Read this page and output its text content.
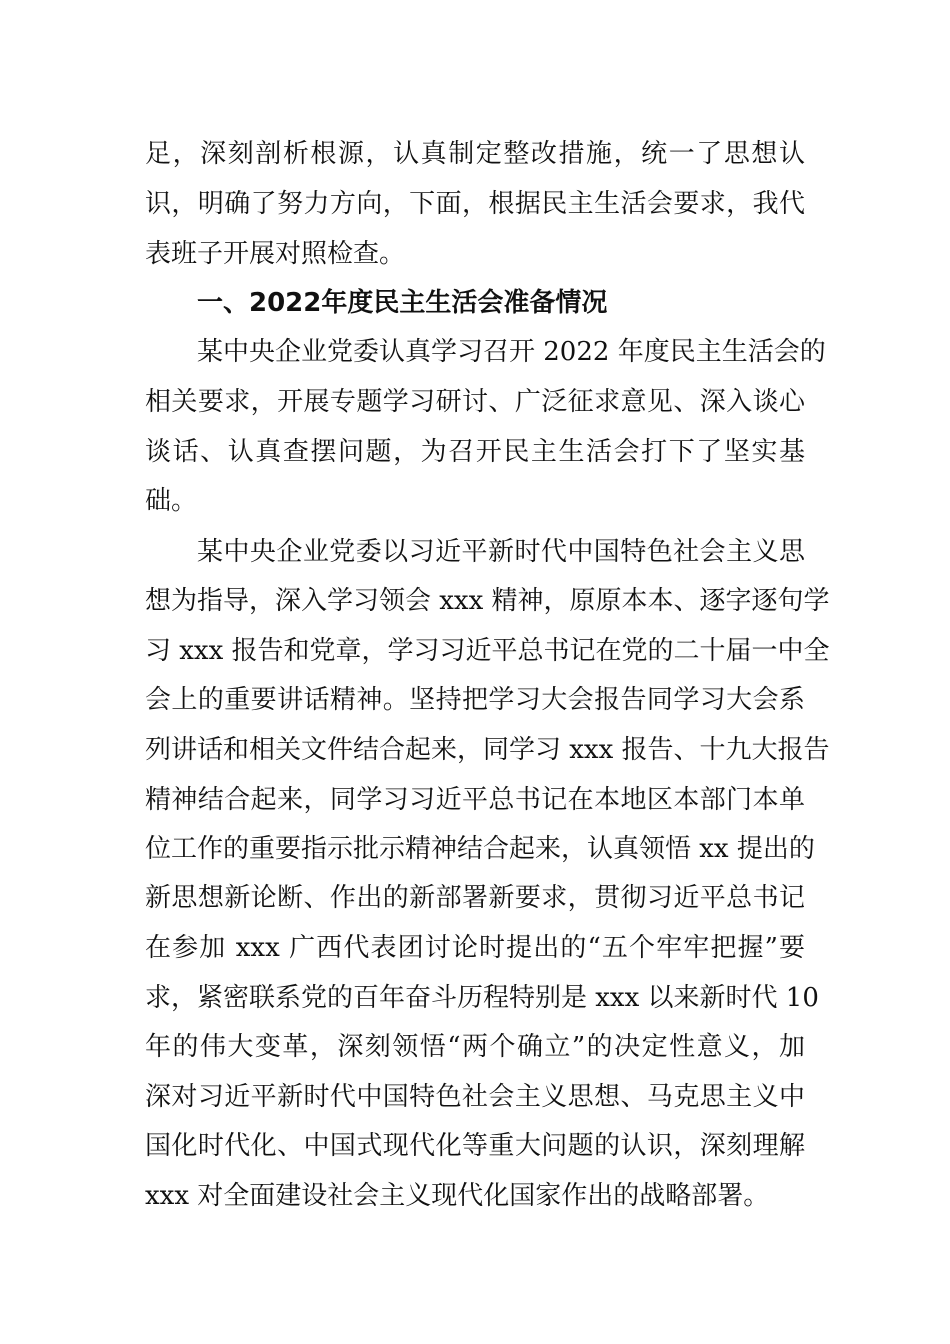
足，深刻剖析根源，认真制定整改措施，统一了思想认
识，明确了努力方向，下面，根据民主生活会要求，我代
表班子开展对照检查。
一、2022年度民主生活会准备情况
某中央企业党委认真学习召开 2022 年度民主生活会的
相关要求，开展专题学习研讨、广泛征求意见、深入谈心
谈话、认真查摆问题，为召开民主生活会打下了坚实基
础。
某中央企业党委以习近平新时代中国特色社会主义思
想为指导，深入学习领会 xxx 精神，原原本本、逐字逐句学
习 xxx 报告和党章，学习习近平总书记在党的二十届一中全
会上的重要讲话精神。坚持把学习大会报告同学习大会系
列讲话和相关文件结合起来，同学习 xxx 报告、十九大报告
精神结合起来，同学习习近平总书记在本地区本部门本单
位工作的重要指示批示精神结合起来，认真领悟 xx 提出的
新思想新论断、作出的新部署新要求，贯彻习近平总书记
在参加 xxx 广西代表团讨论时提出的“五个牢牢把握”要
求，紧密联系党的百年奋斗历程特别是 xxx 以来新时代 10
年的伟大变革，深刻领悟“两个确立”的决定性意义，加
深对习近平新时代中国特色社会主义思想、马克思主义中
国化时代化、中国式现代化等重大问题的认识，深刻理解
xxx 对全面建设社会主义现代化国家作出的战略部署。
